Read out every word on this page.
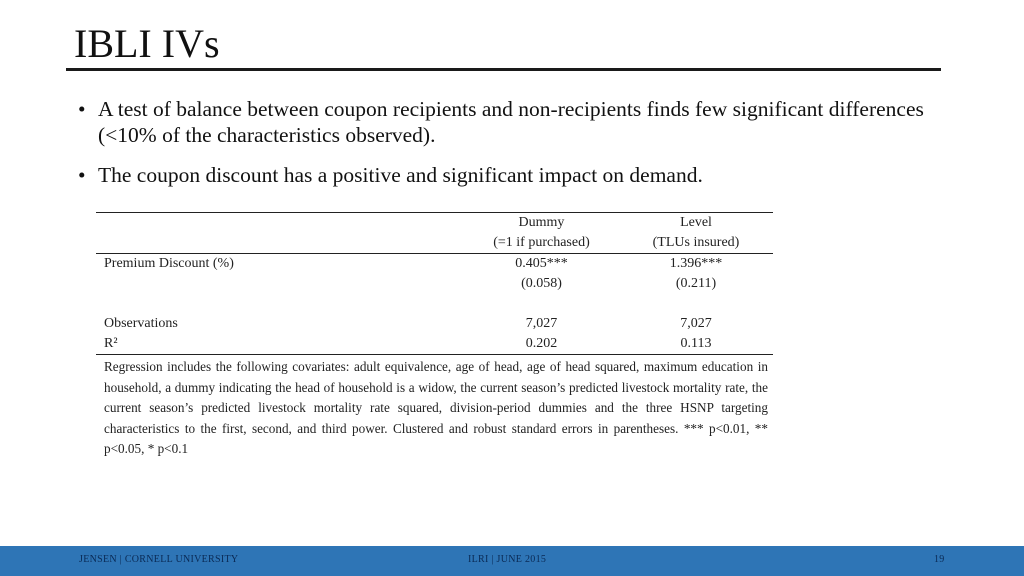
IBLI IVs
• A test of balance between coupon recipients and non-recipients finds few significant differences (<10% of the characteristics observed).
• The coupon discount has a positive and significant impact on demand.
	Dummy	Level
	(=1 if purchased)	(TLUs insured)
Premium Discount (%)	0.405***	1.396***
	(0.058)	(0.211)

Observations	7,027	7,027
R²	0.202	0.113

Regression includes the following covariates: adult equivalence, age of head, age of head squared, maximum education in household, a dummy indicating the head of household is a widow, the current season’s predicted livestock mortality rate, the current season’s predicted livestock mortality rate squared, division-period dummies and the three HSNP targeting characteristics to the first, second, and third power. Clustered and robust standard errors in parentheses. *** p<0.01, ** p<0.05, * p<0.1

JENSEN | CORNELL UNIVERSITY	ILRI | JUNE 2015	19
